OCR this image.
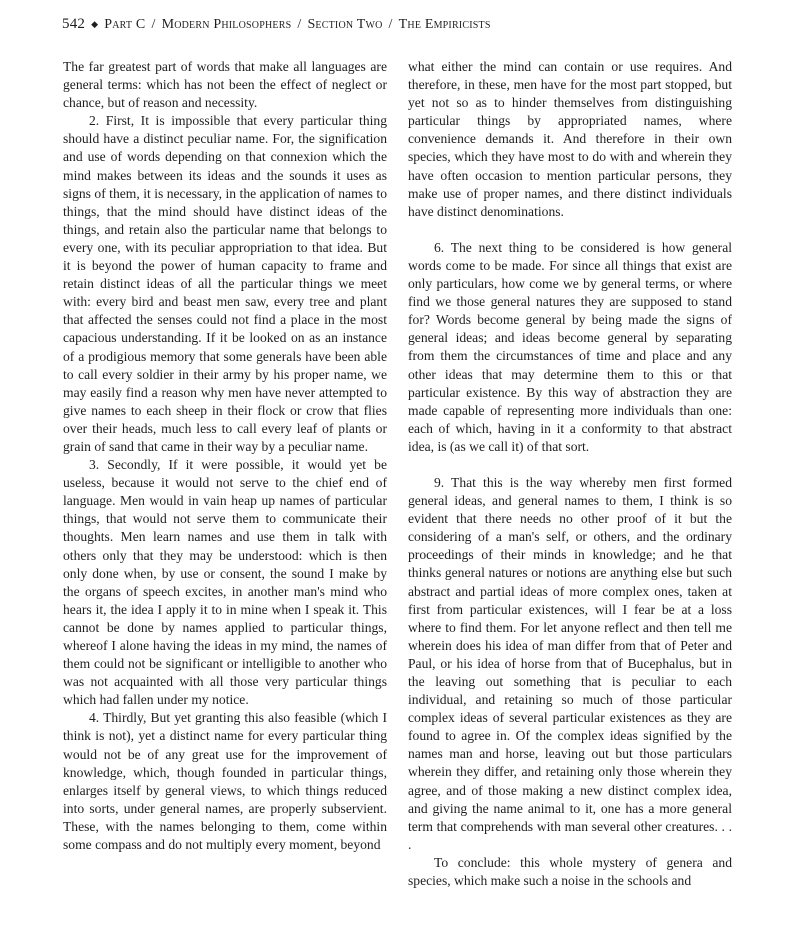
542 ◆ Part C / Modern Philosophers / Section Two / The Empiricists

The far greatest part of words that make all languages are general terms: which has not been the effect of neglect or chance, but of reason and necessity.

2. First, It is impossible that every particular thing should have a distinct peculiar name. For, the signification and use of words depending on that connexion which the mind makes between its ideas and the sounds it uses as signs of them, it is necessary, in the application of names to things, that the mind should have distinct ideas of the things, and retain also the particular name that belongs to every one, with its peculiar appropriation to that idea. But it is beyond the power of human capacity to frame and retain distinct ideas of all the particular things we meet with: every bird and beast men saw, every tree and plant that affected the senses could not find a place in the most capacious understanding. If it be looked on as an instance of a prodigious memory that some generals have been able to call every soldier in their army by his proper name, we may easily find a reason why men have never attempted to give names to each sheep in their flock or crow that flies over their heads, much less to call every leaf of plants or grain of sand that came in their way by a peculiar name.

3. Secondly, If it were possible, it would yet be useless, because it would not serve to the chief end of language. Men would in vain heap up names of particular things, that would not serve them to communicate their thoughts. Men learn names and use them in talk with others only that they may be understood: which is then only done when, by use or consent, the sound I make by the organs of speech excites, in another man's mind who hears it, the idea I apply it to in mine when I speak it. This cannot be done by names applied to particular things, whereof I alone having the ideas in my mind, the names of them could not be significant or intelligible to another who was not acquainted with all those very particular things which had fallen under my notice.

4. Thirdly, But yet granting this also feasible (which I think is not), yet a distinct name for every particular thing would not be of any great use for the improvement of knowledge, which, though founded in particular things, enlarges itself by general views, to which things reduced into sorts, under general names, are properly subservient. These, with the names belonging to them, come within some compass and do not multiply every moment, beyond

what either the mind can contain or use requires. And therefore, in these, men have for the most part stopped, but yet not so as to hinder themselves from distinguishing particular things by appropriated names, where convenience demands it. And therefore in their own species, which they have most to do with and wherein they have often occasion to mention particular persons, they make use of proper names, and there distinct individuals have distinct denominations.

6. The next thing to be considered is how general words come to be made. For since all things that exist are only particulars, how come we by general terms, or where find we those general natures they are supposed to stand for? Words become general by being made the signs of general ideas; and ideas become general by separating from them the circumstances of time and place and any other ideas that may determine them to this or that particular existence. By this way of abstraction they are made capable of representing more individuals than one: each of which, having in it a conformity to that abstract idea, is (as we call it) of that sort.

9. That this is the way whereby men first formed general ideas, and general names to them, I think is so evident that there needs no other proof of it but the considering of a man's self, or others, and the ordinary proceedings of their minds in knowledge; and he that thinks general natures or notions are anything else but such abstract and partial ideas of more complex ones, taken at first from particular existences, will I fear be at a loss where to find them. For let anyone reflect and then tell me wherein does his idea of man differ from that of Peter and Paul, or his idea of horse from that of Bucephalus, but in the leaving out something that is peculiar to each individual, and retaining so much of those particular complex ideas of several particular existences as they are found to agree in. Of the complex ideas signified by the names man and horse, leaving out but those particulars wherein they differ, and retaining only those wherein they agree, and of those making a new distinct complex idea, and giving the name animal to it, one has a more general term that comprehends with man several other creatures. . . .

To conclude: this whole mystery of genera and species, which make such a noise in the schools and
